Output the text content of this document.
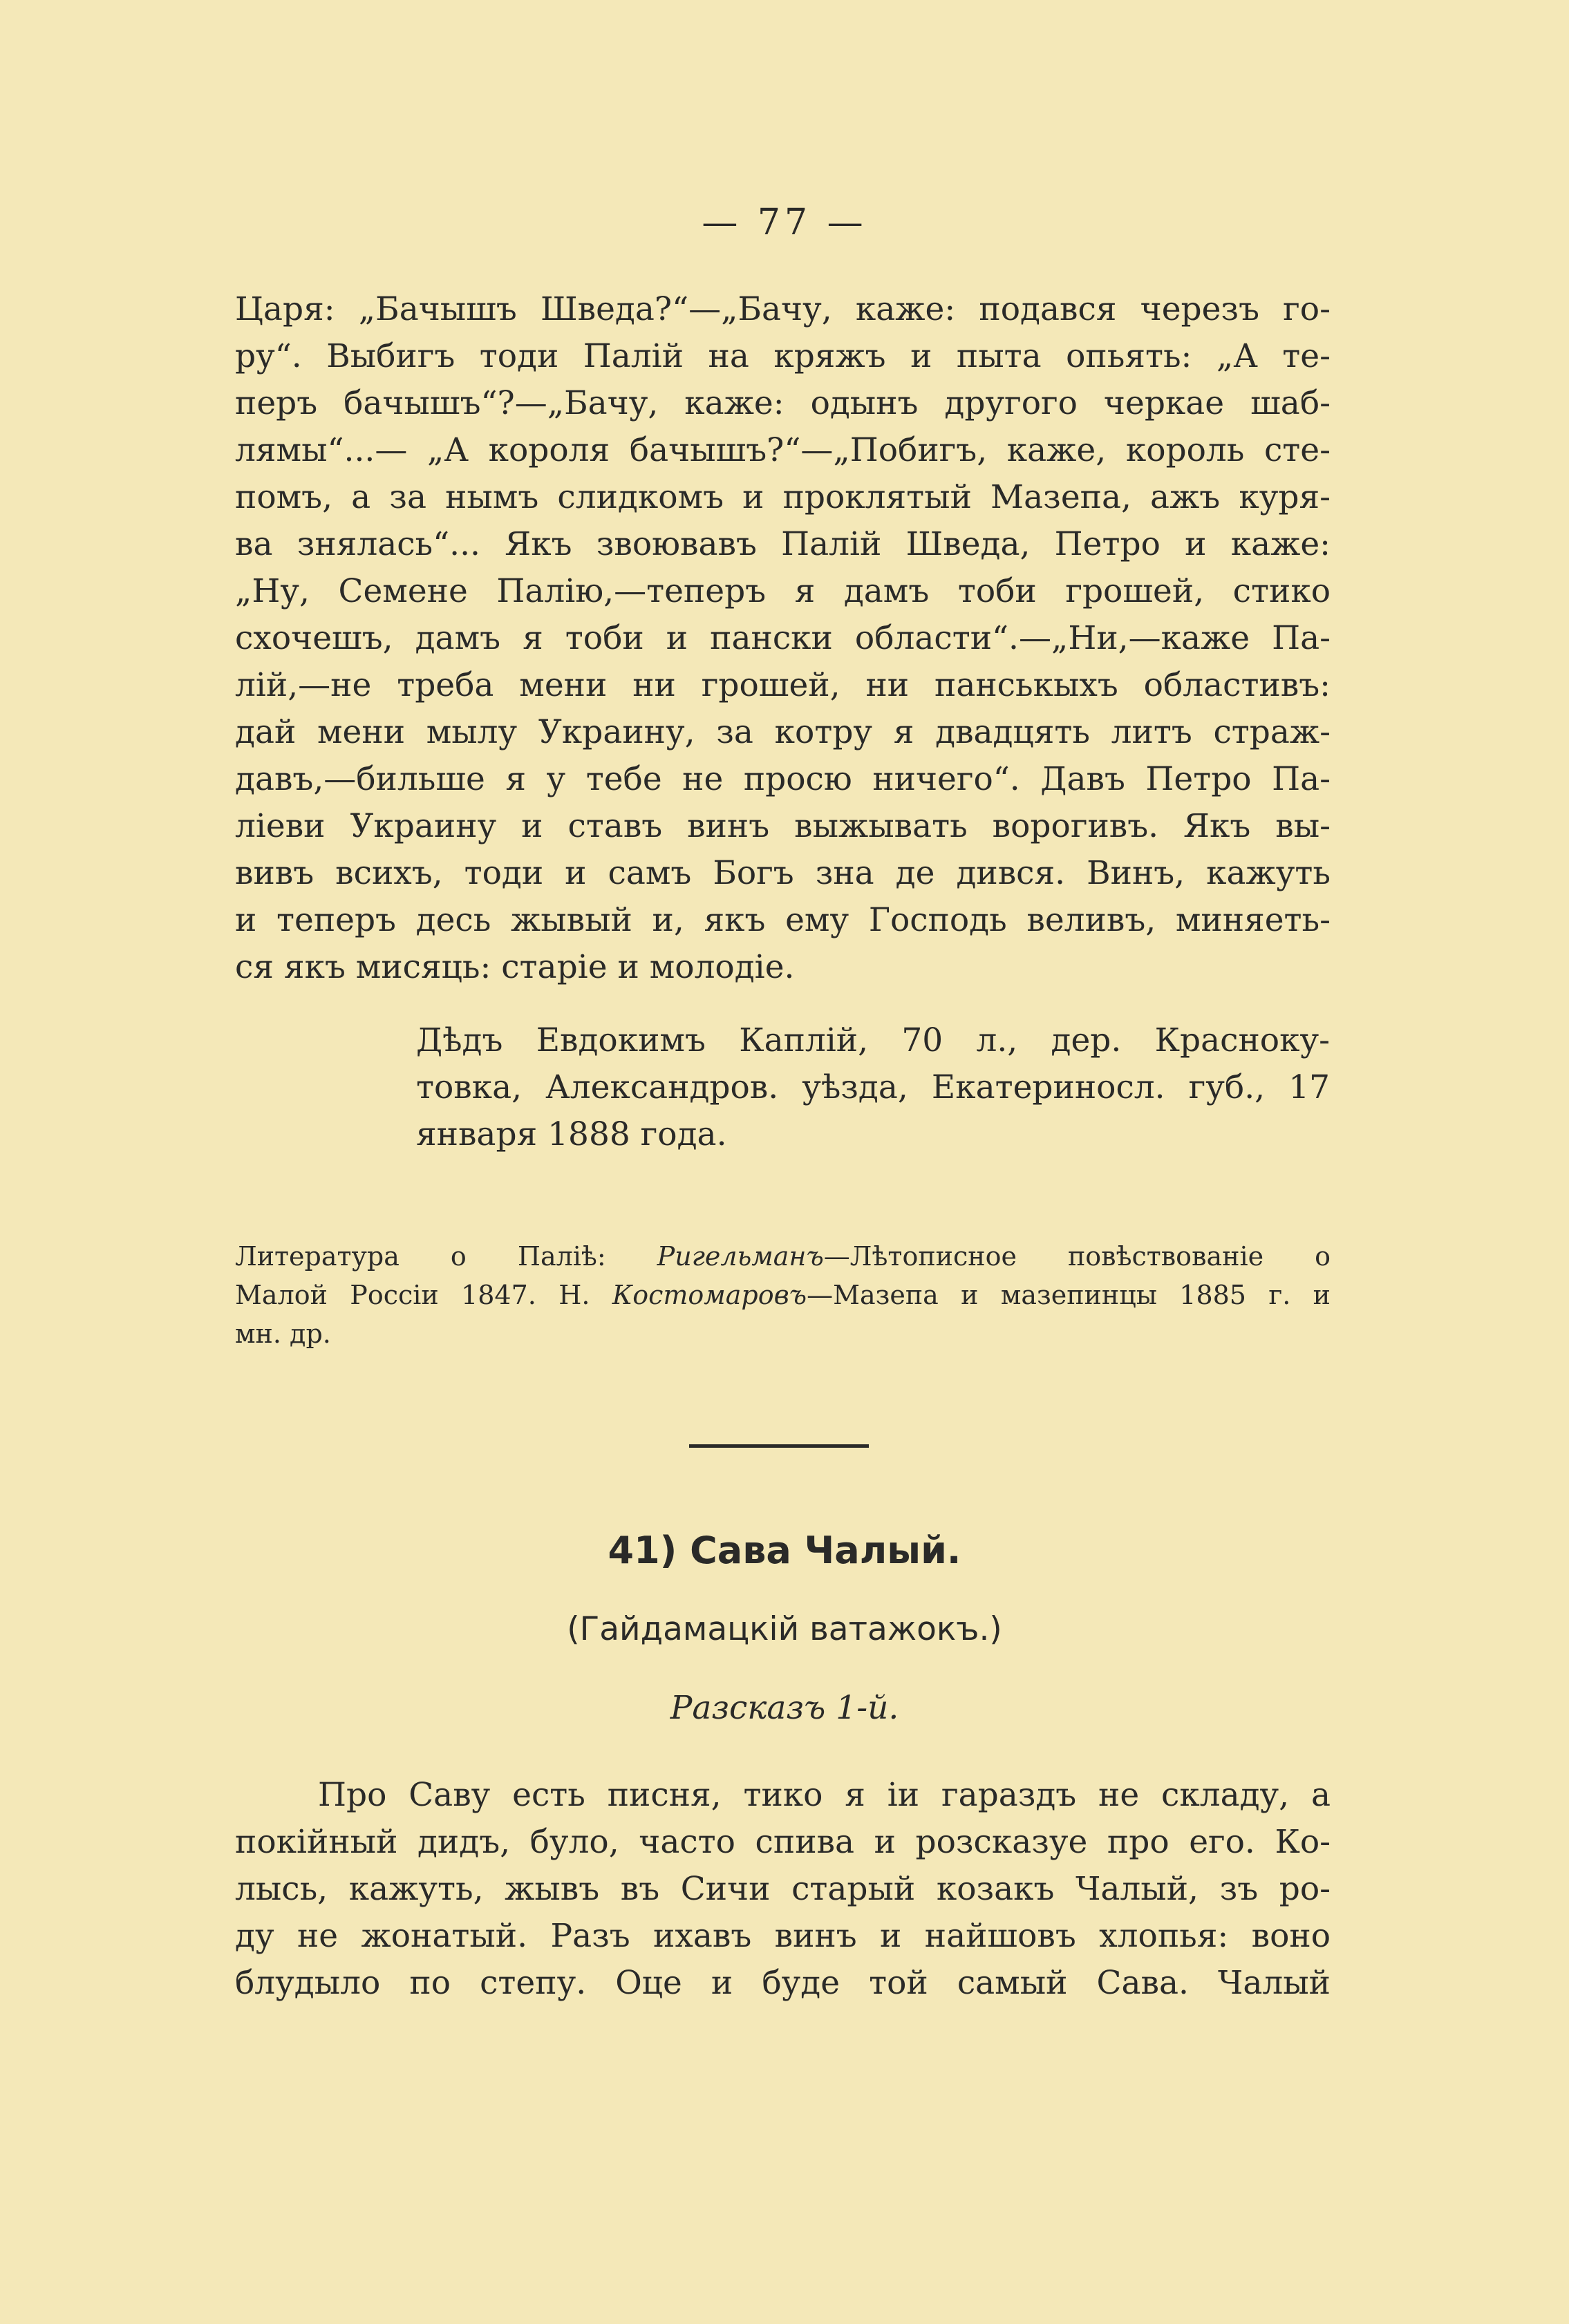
— 77 —
Царя: „Бачышъ Шведа?“—„Бачу, каже: подався черезъ го-
ру“. Выбигъ тоди Палій на кряжъ и пыта опьять: „А те-
перъ бачышъ“?—„Бачу, каже: одынъ другого черкае шаб-
лямы“...— „А короля бачышъ?“—„Побигъ, каже, король сте-
помъ, а за нымъ слидкомъ и проклятый Мазепа, ажъ куря-
ва знялась“... Якъ звоювавъ Палій Шведа, Петро и каже:
„Ну, Семене Палію,—теперъ я дамъ тоби грошей, стико
схочешъ, дамъ я тоби и пански области“.—„Ни,—каже Па-
лій,—не треба мени ни грошей, ни панськыхъ областивъ:
дай мени мылу Украину, за котру я двадцять литъ страж-
давъ,—бильше я у тебе не просю ничего“. Давъ Петро Па-
ліеви Украину и ставъ винъ выжывать ворогивъ. Якъ вы-
вивъ всихъ, тоди и самъ Богъ зна де дився. Винъ, кажуть
и теперъ десь жывый и, якъ ему Господь веливъ, миняеть-
ся якъ мисяць: старіе и молодіе.
Дѣдъ Евдокимъ Каплій, 70 л., дер. Красноку-
товка, Александров. уѣзда, Екатериносл. губ., 17
января 1888 года.
Литература о Паліѣ: Ригельманъ—Лѣтописное повѣствованіе о
Малой Россіи 1847. Н. Костомаровъ—Мазепа и мазепинцы 1885 г. и
мн. др.
41) Сава Чалый.
(Гайдамацкій ватажокъ.)
Разсказъ 1-й.
Про Саву есть писня, тико я іи гараздъ не складу, а
покійный дидъ, було, часто спива и розсказуе про его. Ко-
лысь, кажуть, жывъ въ Сичи старый козакъ Чалый, зъ ро-
ду не жонатый. Разъ ихавъ винъ и найшовъ хлопья: воно
блудыло по степу. Оце и буде той самый Сава. Чалый
